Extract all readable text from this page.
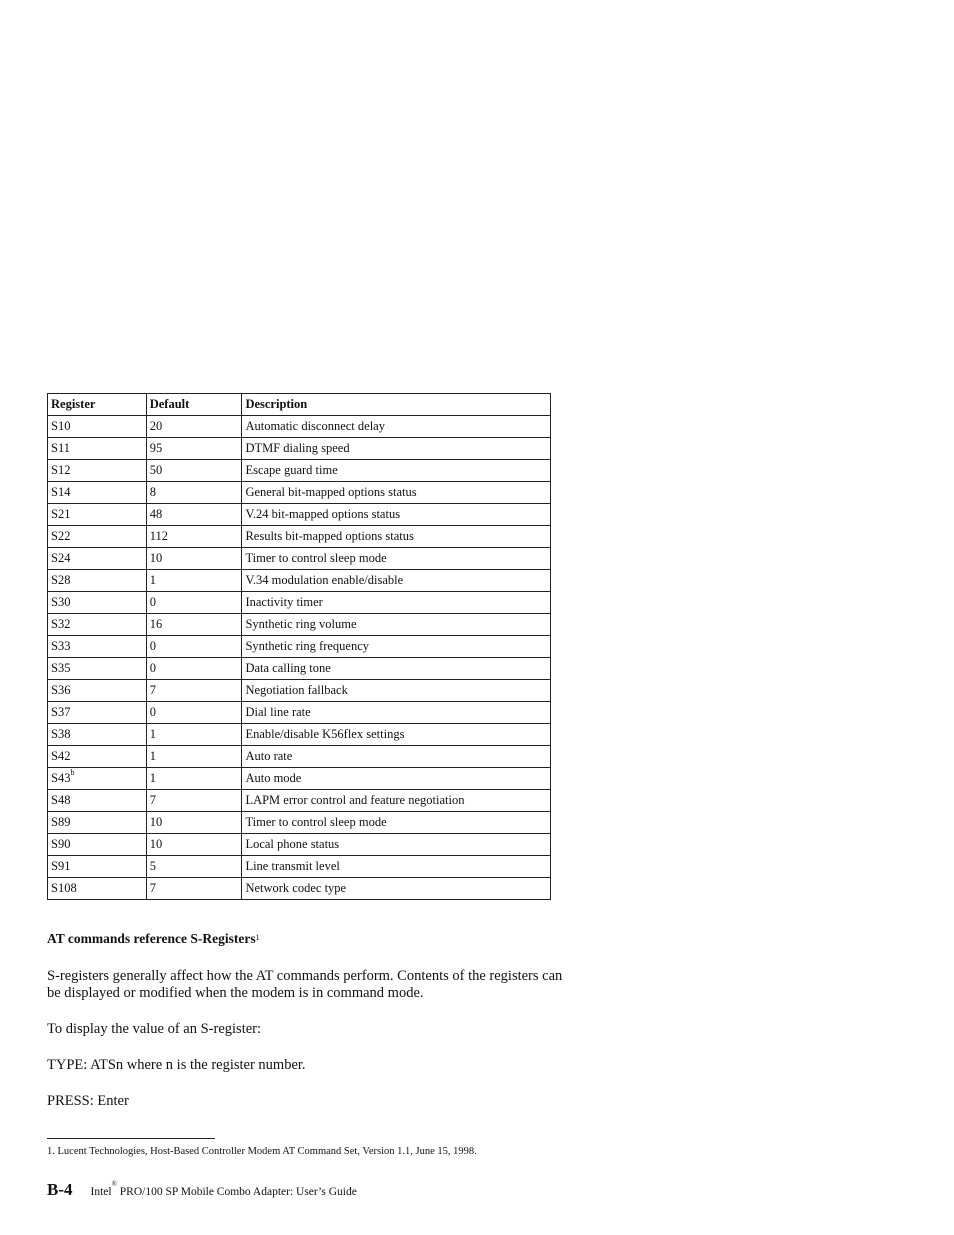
Register	Default	Description
S10	20	Automatic disconnect delay
S11	95	DTMF dialing speed
S12	50	Escape guard time
S14	8	General bit-mapped options status
S21	48	V.24 bit-mapped options status
S22	112	Results bit-mapped options status
S24	10	Timer to control sleep mode
S28	1	V.34 modulation enable/disable
S30	0	Inactivity timer
S32	16	Synthetic ring volume
S33	0	Synthetic ring frequency
S35	0	Data calling tone
S36	7	Negotiation fallback
S37	0	Dial line rate
S38	1	Enable/disable K56flex settings
S42	1	Auto rate
S43$^b$	1	Auto mode
S48	7	LAPM error control and feature negotiation
S89	10	Timer to control sleep mode
S90	10	Local phone status
S91	5	Line transmit level
S108	7	Network codec type
AT commands reference S-Registers$^1$
S-registers generally affect how the AT commands perform. Contents of the registers can be displayed or modified when the modem is in command mode.
To display the value of an S-register:
TYPE: ATSn where n is the register number.
PRESS: Enter
1. Lucent Technologies, Host-Based Controller Modem AT Command Set, Version 1.1, June 15, 1998.
B-4 Intel® PRO/100 SP Mobile Combo Adapter: User’s Guide
